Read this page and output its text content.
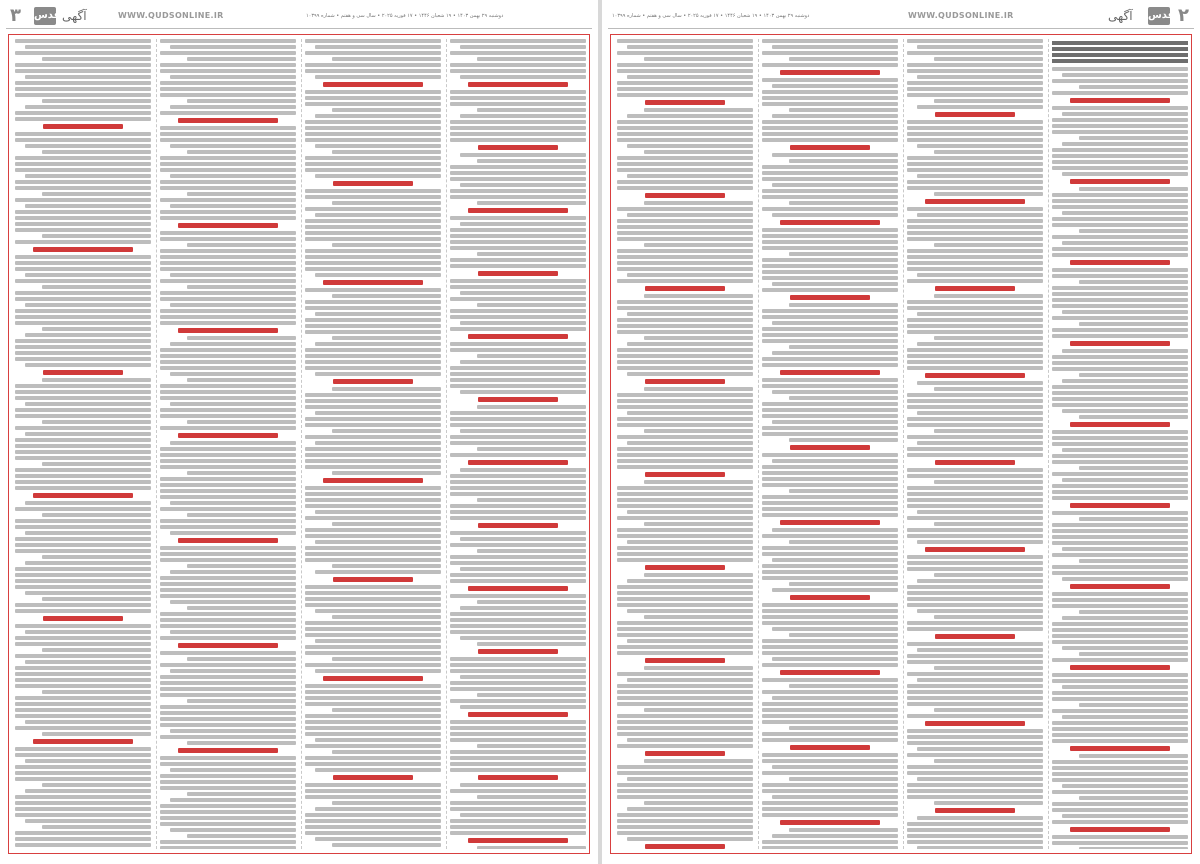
۳	آگهی
قدس	WWW.QUDSONLINE.IR	دوشنبه ۲۹ بهمن ۱۴۰۳ • ۱۹ شعبان ۱۴۴۶ • ۱۷ فوریه ۲۰۲۵ • سال سی و هفتم • شماره ۱۰۳۹۹	دوشنبه ۲۹ بهمن ۱۴۰۳ • ۱۹ شعبان ۱۴۴۶ • ۱۷ فوریه ۲۰۲۵ • سال سی و هفتم • شماره ۱۰۳۹۹	WWW.QUDSONLINE.IR	آگهی قدس ۲
